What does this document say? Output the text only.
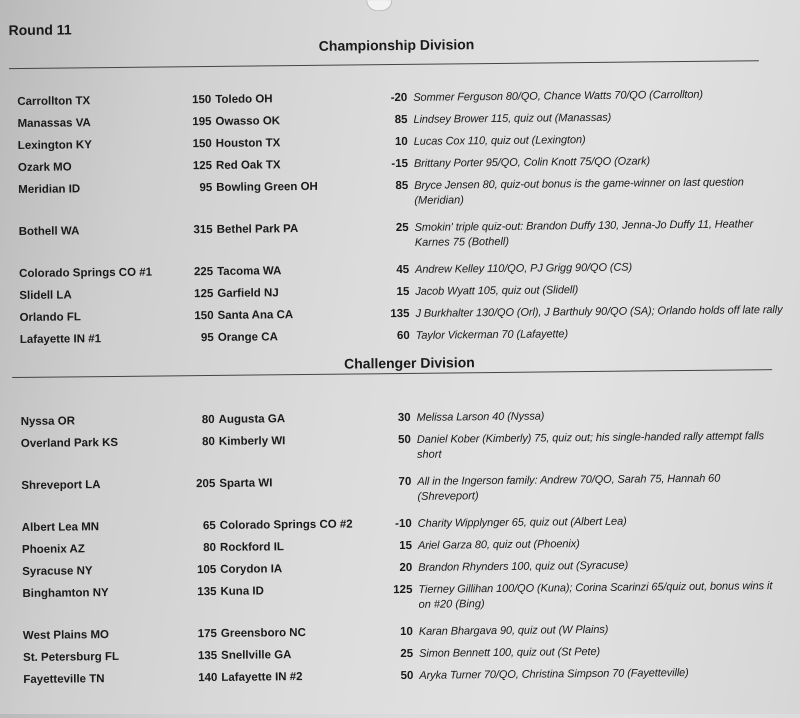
Round 11
Championship Division
Carrollton TX	150 Toledo OH	-20 Sommer Ferguson 80/QO, Chance Watts 70/QO (Carrollton)
Manassas VA	195 Owasso OK	85 Lindsey Brower 115, quiz out (Manassas)
Lexington KY	150 Houston TX	10 Lucas Cox 110, quiz out (Lexington)
Ozark MO	125 Red Oak TX	-15 Brittany Porter 95/QO, Colin Knott 75/QO (Ozark)
Meridian ID	95 Bowling Green OH	85 Bryce Jensen 80, quiz-out bonus is the game-winner on last question
(Meridian)
Bothell WA	315 Bethel Park PA	25 Smokin' triple quiz-out: Brandon Duffy 130, Jenna-Jo Duffy 11, Heather
Karnes 75 (Bothell)
Colorado Springs CO #1	225 Tacoma WA	45 Andrew Kelley 110/QO, PJ Grigg 90/QO (CS)
Slidell LA	125 Garfield NJ	15 Jacob Wyatt 105, quiz out (Slidell)
Orlando FL	150 Santa Ana CA	135 J Burkhalter 130/QO (Orl), J Barthuly 90/QO (SA); Orlando holds off late rally
Lafayette IN #1	95 Orange CA	60 Taylor Vickerman 70 (Lafayette)
Challenger Division
Nyssa OR	80 Augusta GA	30 Melissa Larson 40 (Nyssa)
Overland Park KS	80 Kimberly WI	50 Daniel Kober (Kimberly) 75, quiz out; his single-handed rally attempt falls
short
Shreveport LA	205 Sparta WI	70 All in the Ingerson family: Andrew 70/QO, Sarah 75, Hannah 60
(Shreveport)
Albert Lea MN	65 Colorado Springs CO #2	-10 Charity Wipplynger 65, quiz out (Albert Lea)
Phoenix AZ	80 Rockford IL	15 Ariel Garza 80, quiz out (Phoenix)
Syracuse NY	105 Corydon IA	20 Brandon Rhynders 100, quiz out (Syracuse)
Binghamton NY	135 Kuna ID	125 Tierney Gillihan 100/QO (Kuna); Corina Scarinzi 65/quiz out, bonus wins it
on #20 (Bing)
West Plains MO	175 Greensboro NC	10 Karan Bhargava 90, quiz out (W Plains)
St. Petersburg FL	135 Snellville GA	25 Simon Bennett 100, quiz out (St Pete)
Fayetteville TN	140 Lafayette IN #2	50 Aryka Turner 70/QO, Christina Simpson 70 (Fayetteville)
